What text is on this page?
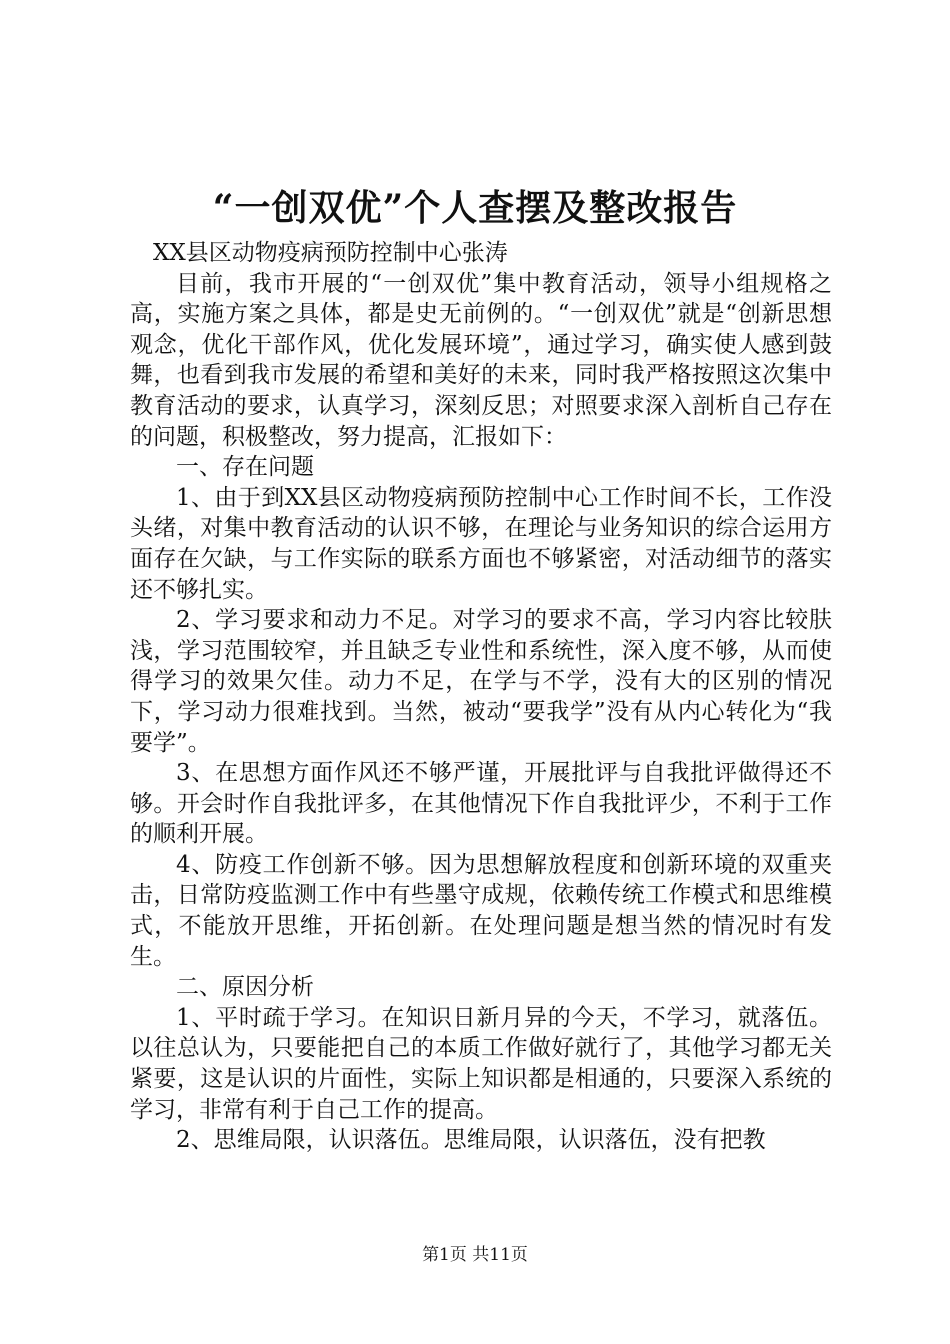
“一创双优”个人查摆及整改报告

XX县区动物疫病预防控制中心张涛

目前，我市开展的“一创双优”集中教育活动，领导小组规格之高，实施方案之具体，都是史无前例的。“一创双优”就是“创新思想观念，优化干部作风，优化发展环境”，通过学习，确实使人感到鼓舞，也看到我市发展的希望和美好的未来，同时我严格按照这次集中教育活动的要求，认真学习，深刻反思；对照要求深入剖析自己存在的问题，积极整改，努力提高，汇报如下：

一、存在问题

1、由于到XX县区动物疫病预防控制中心工作时间不长，工作没头绪，对集中教育活动的认识不够，在理论与业务知识的综合运用方面存在欠缺，与工作实际的联系方面也不够紧密，对活动细节的落实还不够扎实。

2、学习要求和动力不足。对学习的要求不高，学习内容比较肤浅，学习范围较窄，并且缺乏专业性和系统性，深入度不够，从而使得学习的效果欠佳。动力不足，在学与不学，没有大的区别的情况下，学习动力很难找到。当然，被动“要我学”没有从内心转化为“我要学”。

3、在思想方面作风还不够严谨，开展批评与自我批评做得还不够。开会时作自我批评多，在其他情况下作自我批评少，不利于工作的顺利开展。

4、防疫工作创新不够。因为思想解放程度和创新环境的双重夹击，日常防疫监测工作中有些墨守成规，依赖传统工作模式和思维模式，不能放开思维，开拓创新。在处理问题是想当然的情况时有发生。

二、原因分析

1、平时疏于学习。在知识日新月异的今天，不学习，就落伍。以往总认为，只要能把自己的本质工作做好就行了，其他学习都无关紧要，这是认识的片面性，实际上知识都是相通的，只要深入系统的学习，非常有利于自己工作的提高。

2、思维局限，认识落伍。思维局限，认识落伍，没有把教

第1页 共11页
